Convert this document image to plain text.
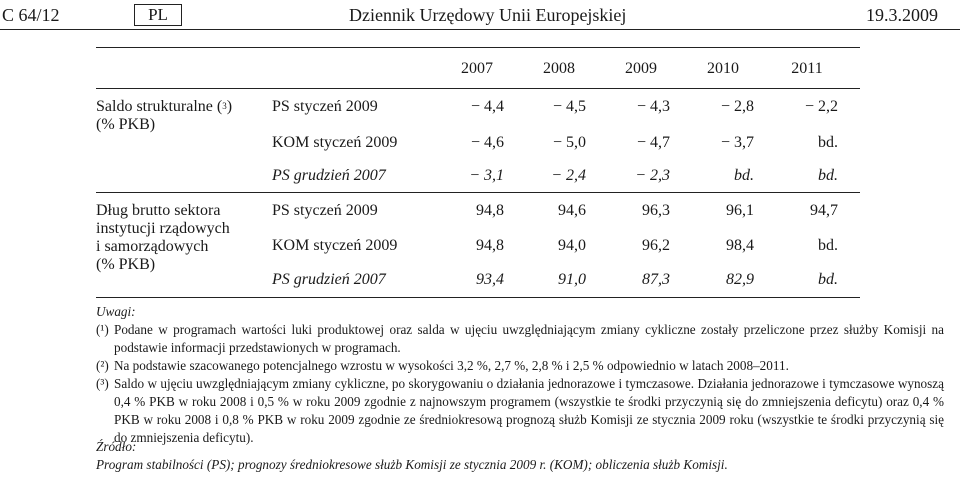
C 64/12	PL	Dziennik Urzędowy Unii Europejskiej	19.3.2009
2007	2008	2009	2010	2011
Saldo strukturalne ($^3$)
(% PKB)
PS styczeń 2009	− 4,4	− 4,5	− 4,3	− 2,8	− 2,2
KOM styczeń 2009	− 4,6	− 5,0	− 4,7	− 3,7	bd.
PS grudzień 2007	− 3,1	− 2,4	− 2,3	bd.	bd.
Dług brutto sektora
instytucji rządowych
i samorządowych
(% PKB)
PS styczeń 2009	94,8	94,6	96,3	96,1	94,7
KOM styczeń 2009	94,8	94,0	96,2	98,4	bd.
PS grudzień 2007	93,4	91,0	87,3	82,9	bd.
Uwagi:
(¹) Podane w programach wartości luki produktowej oraz salda w ujęciu uwzględniającym zmiany cykliczne zostały przeliczone przez służby Komisji na podstawie informacji przedstawionych w programach.
(²) Na podstawie szacowanego potencjalnego wzrostu w wysokości 3,2 %, 2,7 %, 2,8 % i 2,5 % odpowiednio w latach 2008–2011.
(³) Saldo w ujęciu uwzględniającym zmiany cykliczne, po skorygowaniu o działania jednorazowe i tymczasowe. Działania jednorazowe i tymczasowe wynoszą 0,4 % PKB w roku 2008 i 0,5 % w roku 2009 zgodnie z najnowszym programem (wszystkie te środki przyczynią się do zmniejszenia deficytu) oraz 0,4 % PKB w roku 2008 i 0,8 % PKB w roku 2009 zgodnie ze średniokresową prognozą służb Komisji ze stycznia 2009 roku (wszystkie te środki przyczynią się do zmniejszenia deficytu).
Źródło:
Program stabilności (PS); prognozy średniokresowe służb Komisji ze stycznia 2009 r. (KOM); obliczenia służb Komisji.
